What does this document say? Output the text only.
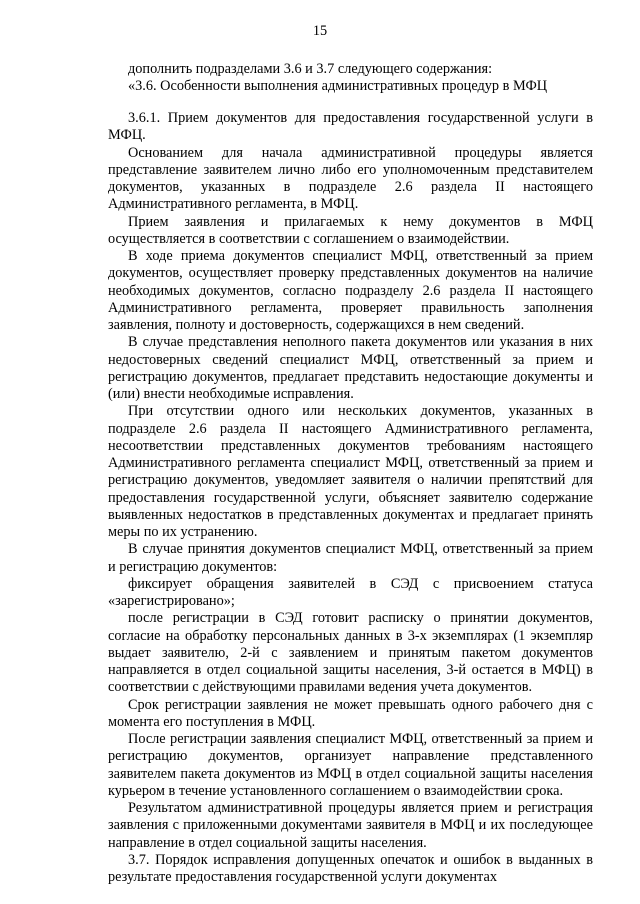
15
дополнить подразделами 3.6 и 3.7 следующего содержания:
«3.6. Особенности выполнения административных процедур в МФЦ

3.6.1. Прием документов для предоставления государственной услуги в МФЦ.

Основанием для начала административной процедуры является представление заявителем лично либо его уполномоченным представителем документов, указанных в подразделе 2.6 раздела II настоящего Административного регламента, в МФЦ.

Прием заявления и прилагаемых к нему документов в МФЦ осуществляется в соответствии с соглашением о взаимодействии.

В ходе приема документов специалист МФЦ, ответственный за прием документов, осуществляет проверку представленных документов на наличие необходимых документов, согласно подразделу 2.6 раздела II настоящего Административного регламента, проверяет правильность заполнения заявления, полноту и достоверность, содержащихся в нем сведений.

В случае представления неполного пакета документов или указания в них недостоверных сведений специалист МФЦ, ответственный за прием и регистрацию документов, предлагает представить недостающие документы и (или) внести необходимые исправления.

При отсутствии одного или нескольких документов, указанных в подразделе 2.6 раздела II настоящего Административного регламента, несоответствии представленных документов требованиям настоящего Административного регламента специалист МФЦ, ответственный за прием и регистрацию документов, уведомляет заявителя о наличии препятствий для предоставления государственной услуги, объясняет заявителю содержание выявленных недостатков в представленных документах и предлагает принять меры по их устранению.

В случае принятия документов специалист МФЦ, ответственный за прием и регистрацию документов:

фиксирует обращения заявителей в СЭД с присвоением статуса «зарегистрировано»;

после регистрации в СЭД готовит расписку о принятии документов, согласие на обработку персональных данных в 3-х экземплярах (1 экземпляр выдает заявителю, 2-й с заявлением и принятым пакетом документов направляется в отдел социальной защиты населения, 3-й остается в МФЦ) в соответствии с действующими правилами ведения учета документов.

Срок регистрации заявления не может превышать одного рабочего дня с момента его поступления в МФЦ.

После регистрации заявления специалист МФЦ, ответственный за прием и регистрацию документов, организует направление представленного заявителем пакета документов из МФЦ в отдел социальной защиты населения курьером в течение установленного соглашением о взаимодействии срока.

Результатом административной процедуры является прием и регистрация заявления с приложенными документами заявителя в МФЦ и их последующее направление в отдел социальной защиты населения.

3.7. Порядок исправления допущенных опечаток и ошибок в выданных в результате предоставления государственной услуги документах
